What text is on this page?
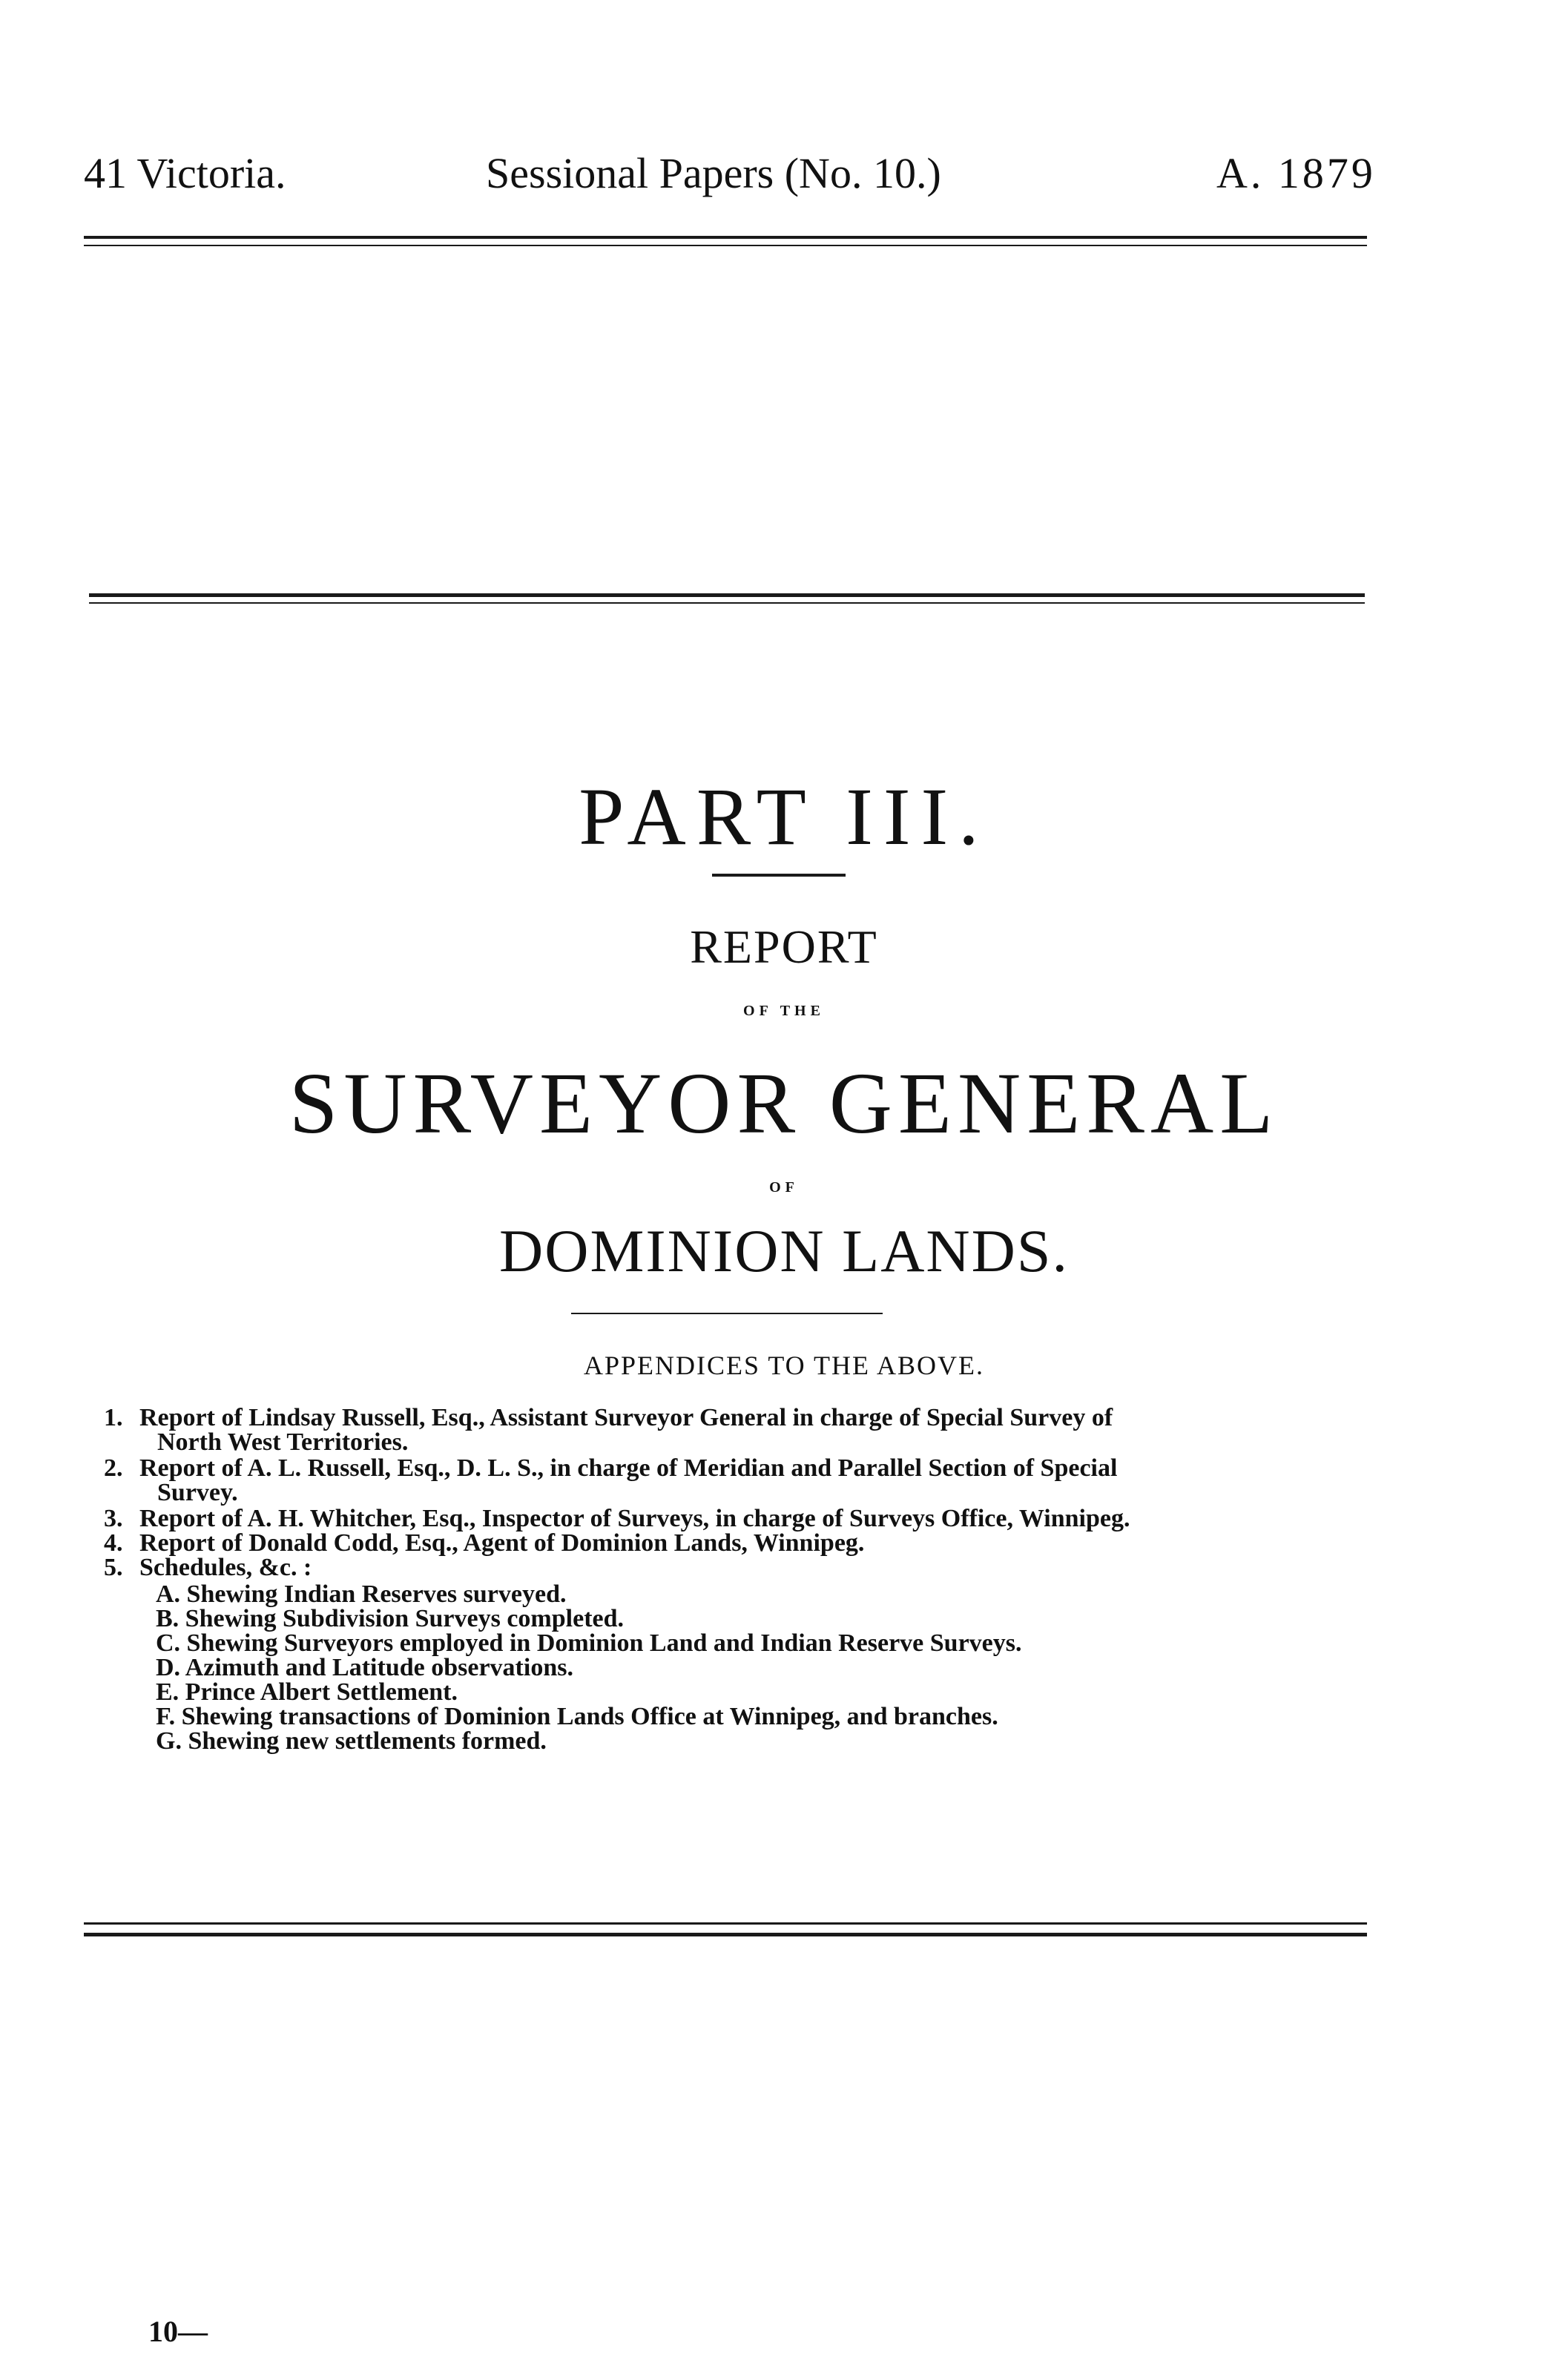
41 Victoria.	Sessional Papers (No. 10.)	A. 1879
PART III.
REPORT
OF THE
SURVEYOR GENERAL
OF
DOMINION LANDS.
APPENDICES TO THE ABOVE.
1. Report of Lindsay Russell, Esq., Assistant Surveyor General in charge of Special Survey of
North West Territories.
2. Report of A. L. Russell, Esq., D. L. S., in charge of Meridian and Parallel Section of Special
Survey.
3. Report of A. H. Whitcher, Esq., Inspector of Surveys, in charge of Surveys Office, Winnipeg.
4. Report of Donald Codd, Esq., Agent of Dominion Lands, Winnipeg.
5. Schedules, &c. :
A. Shewing Indian Reserves surveyed.
B. Shewing Subdivision Surveys completed.
C. Shewing Surveyors employed in Dominion Land and Indian Reserve Surveys.
D. Azimuth and Latitude observations.
E. Prince Albert Settlement.
F. Shewing transactions of Dominion Lands Office at Winnipeg, and branches.
G. Shewing new settlements formed.
10—
